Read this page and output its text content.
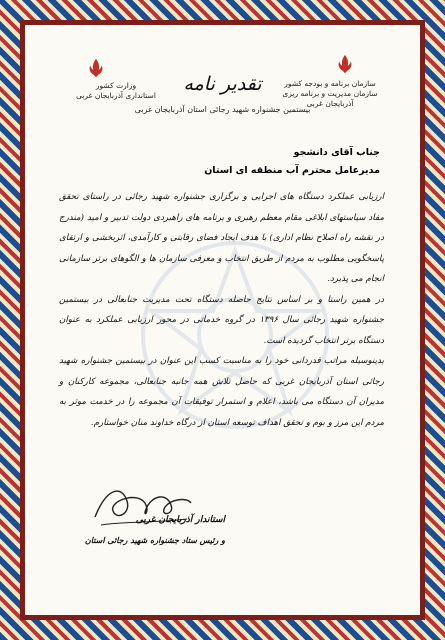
سازمان برنامه و بودجه کشور
سازمان مدیریت و برنامه ریزی آذربایجان غربی
وزارت کشور
استانداری آذربایجان غربی
تقدیر نامه
بیستمین جشنواره شهید رجائی استان آذربایجان غربی
جناب آقای دانشجو
مدیرعامل محترم آب منطقه ای استان

ارزیابی عملکرد دستگاه های اجرایی و برگزاری جشنواره شهید رجائی در راستای تحقق مفاد سیاستهای ابلاغی مقام معظم رهبری و برنامه های راهبردی دولت تدبیر و امید (مندرج در نقشه راه اصلاح نظام اداری) با هدف ایجاد فضای رقابتی و کارآمدی، اثربخشی و ارتقای پاسخگویی مطلوب به مردم از طریق انتخاب و معرفی سازمان ها و الگوهای برتر سازمانی انجام می پذیرد.

در همین راستا و بر اساس نتایج حاصله دستگاه تحت مدیریت جنابعالی در بیستمین جشنواره شهید رجائی سال ۱۳۹۶ در گروه خدماتی در محور ارزیابی عملکرد به عنوان دستگاه برتر انتخاب گردیده است.

بدینوسیله مراتب قدردانی خود را به مناسبت کسب این عنوان در بیستمین جشنواره شهید رجائی استان آذربایجان غربی که حاصل تلاش همه جانبه جنابعالی، مجموعه کارکنان و مدیران آن دستگاه می باشد، اعلام و استمرار توفیقات آن مجموعه را در خدمت موثر به مردم این مرز و بوم و تحقق اهداف توسعه استان از درگاه خداوند منان خواستارم.

استاندار آذربایجان غربی
و رئیس ستاد جشنواره شهید رجائی استان
